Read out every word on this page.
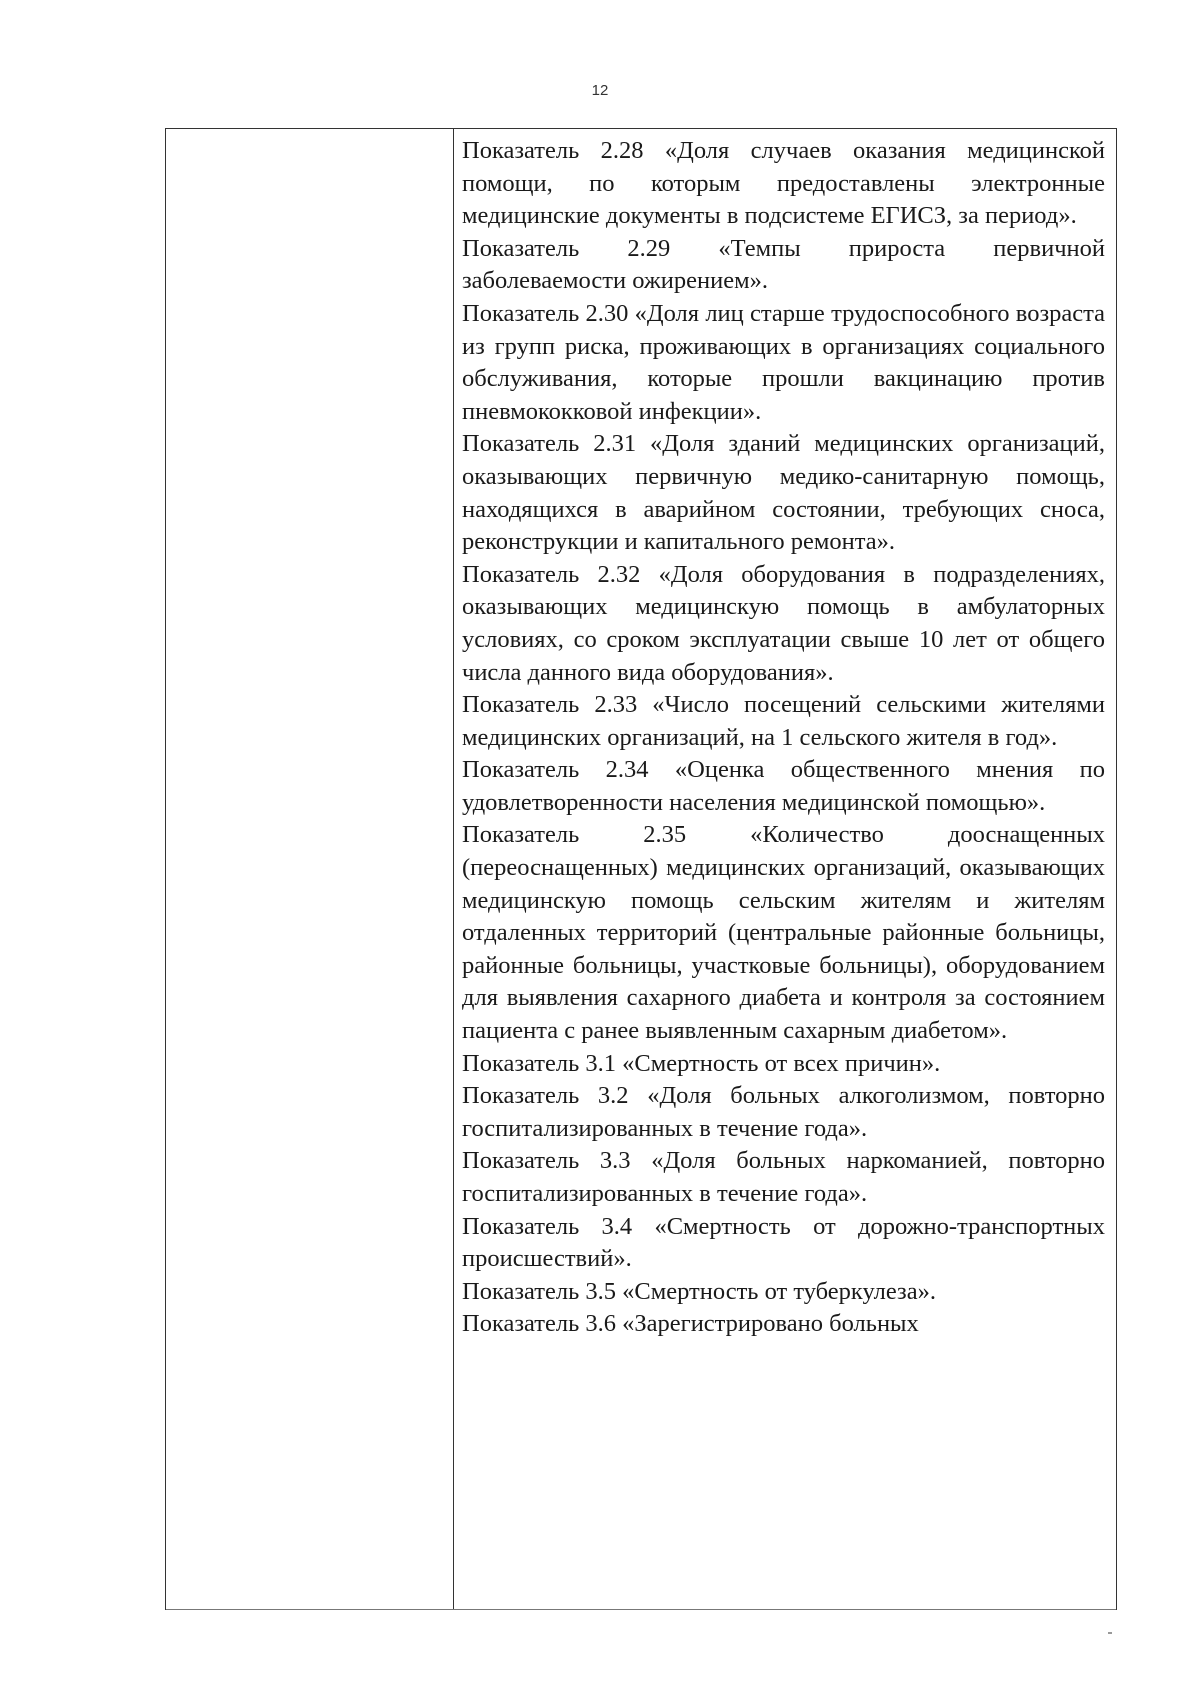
12

Показатель 2.28 «Доля случаев оказания медицинской помощи, по которым предоставлены электронные медицинские документы в подсистеме ЕГИСЗ, за период».

Показатель 2.29 «Темпы прироста первичной заболеваемости ожирением».

Показатель 2.30 «Доля лиц старше трудоспособного возраста из групп риска, проживающих в организациях социального обслуживания, которые прошли вакцинацию против пневмококковой инфекции».

Показатель 2.31 «Доля зданий медицинских организаций, оказывающих первичную медико-санитарную помощь, находящихся в аварийном состоянии, требующих сноса, реконструкции и капитального ремонта».

Показатель 2.32 «Доля оборудования в подразделениях, оказывающих медицинскую помощь в амбулаторных условиях, со сроком эксплуатации свыше 10 лет от общего числа данного вида оборудования».

Показатель 2.33 «Число посещений сельскими жителями медицинских организаций, на 1 сельского жителя в год».

Показатель 2.34 «Оценка общественного мнения по удовлетворенности населения медицинской помощью».

Показатель 2.35 «Количество дооснащенных (переоснащенных) медицинских организаций, оказывающих медицинскую помощь сельским жителям и жителям отдаленных территорий (центральные районные больницы, районные больницы, участковые больницы), оборудованием для выявления сахарного диабета и контроля за состоянием пациента с ранее выявленным сахарным диабетом».

Показатель 3.1 «Смертность от всех причин».

Показатель 3.2 «Доля больных алкоголизмом, повторно госпитализированных в течение года».

Показатель 3.3 «Доля больных наркоманией, повторно госпитализированных в течение года».

Показатель 3.4 «Смертность от дорожно-транспортных происшествий».

Показатель 3.5 «Смертность от туберкулеза».

Показатель 3.6 «Зарегистрировано больных
